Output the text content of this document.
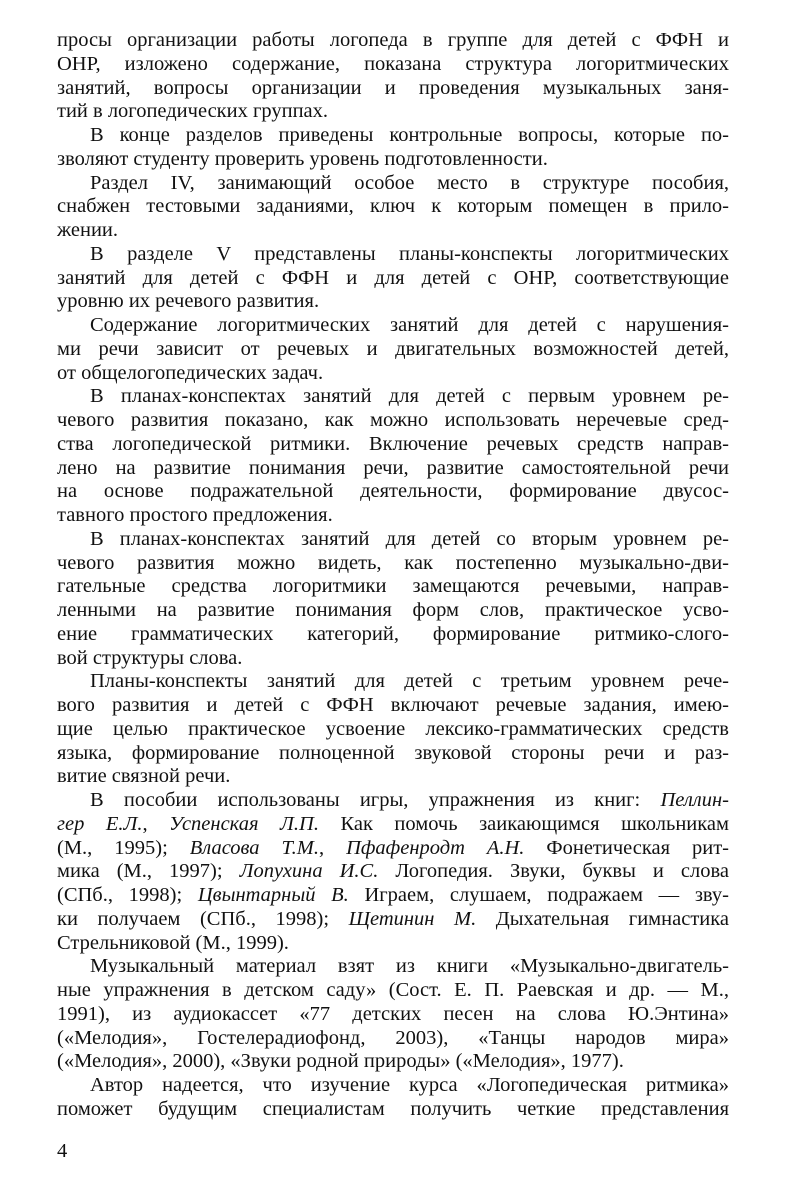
просы организации работы логопеда в группе для детей с ФФН и
ОНР, изложено содержание, показана структура логоритмических
занятий, вопросы организации и проведения музыкальных заня-
тий в логопедических группах.
В конце разделов приведены контрольные вопросы, которые по-
зволяют студенту проверить уровень подготовленности.
Раздел IV, занимающий особое место в структуре пособия,
снабжен тестовыми заданиями, ключ к которым помещен в прило-
жении.
В разделе V представлены планы-конспекты логоритмических
занятий для детей с ФФН и для детей с ОНР, соответствующие
уровню их речевого развития.
Содержание логоритмических занятий для детей с нарушения-
ми речи зависит от речевых и двигательных возможностей детей,
от общелогопедических задач.
В планах-конспектах занятий для детей с первым уровнем ре-
чевого развития показано, как можно использовать неречевые сред-
ства логопедической ритмики. Включение речевых средств направ-
лено на развитие понимания речи, развитие самостоятельной речи
на основе подражательной деятельности, формирование двусос-
тавного простого предложения.
В планах-конспектах занятий для детей со вторым уровнем ре-
чевого развития можно видеть, как постепенно музыкально-дви-
гательные средства логоритмики замещаются речевыми, направ-
ленными на развитие понимания форм слов, практическое усво-
ение грамматических категорий, формирование ритмико-слого-
вой структуры слова.
Планы-конспекты занятий для детей с третьим уровнем рече-
вого развития и детей с ФФН включают речевые задания, имею-
щие целью практическое усвоение лексико-грамматических средств
языка, формирование полноценной звуковой стороны речи и раз-
витие связной речи.
В пособии использованы игры, упражнения из книг: Пеллин-
гер Е.Л., Успенская Л.П. Как помочь заикающимся школьникам
(М., 1995); Власова Т.М., Пфафенродт А.Н. Фонетическая рит-
мика (М., 1997); Лопухина И.С. Логопедия. Звуки, буквы и слова
(СПб., 1998); Цвынтарный В. Играем, слушаем, подражаем — зву-
ки получаем (СПб., 1998); Щетинин М. Дыхательная гимнастика
Стрельниковой (М., 1999).
Музыкальный материал взят из книги «Музыкально-двигатель-
ные упражнения в детском саду» (Сост. Е. П. Раевская и др. — М.,
1991), из аудиокассет «77 детских песен на слова Ю.Энтина»
(«Мелодия», Гостелерадиофонд, 2003), «Танцы народов мира»
(«Мелодия», 2000), «Звуки родной природы» («Мелодия», 1977).
Автор надеется, что изучение курса «Логопедическая ритмика»
поможет будущим специалистам получить четкие представления
4
